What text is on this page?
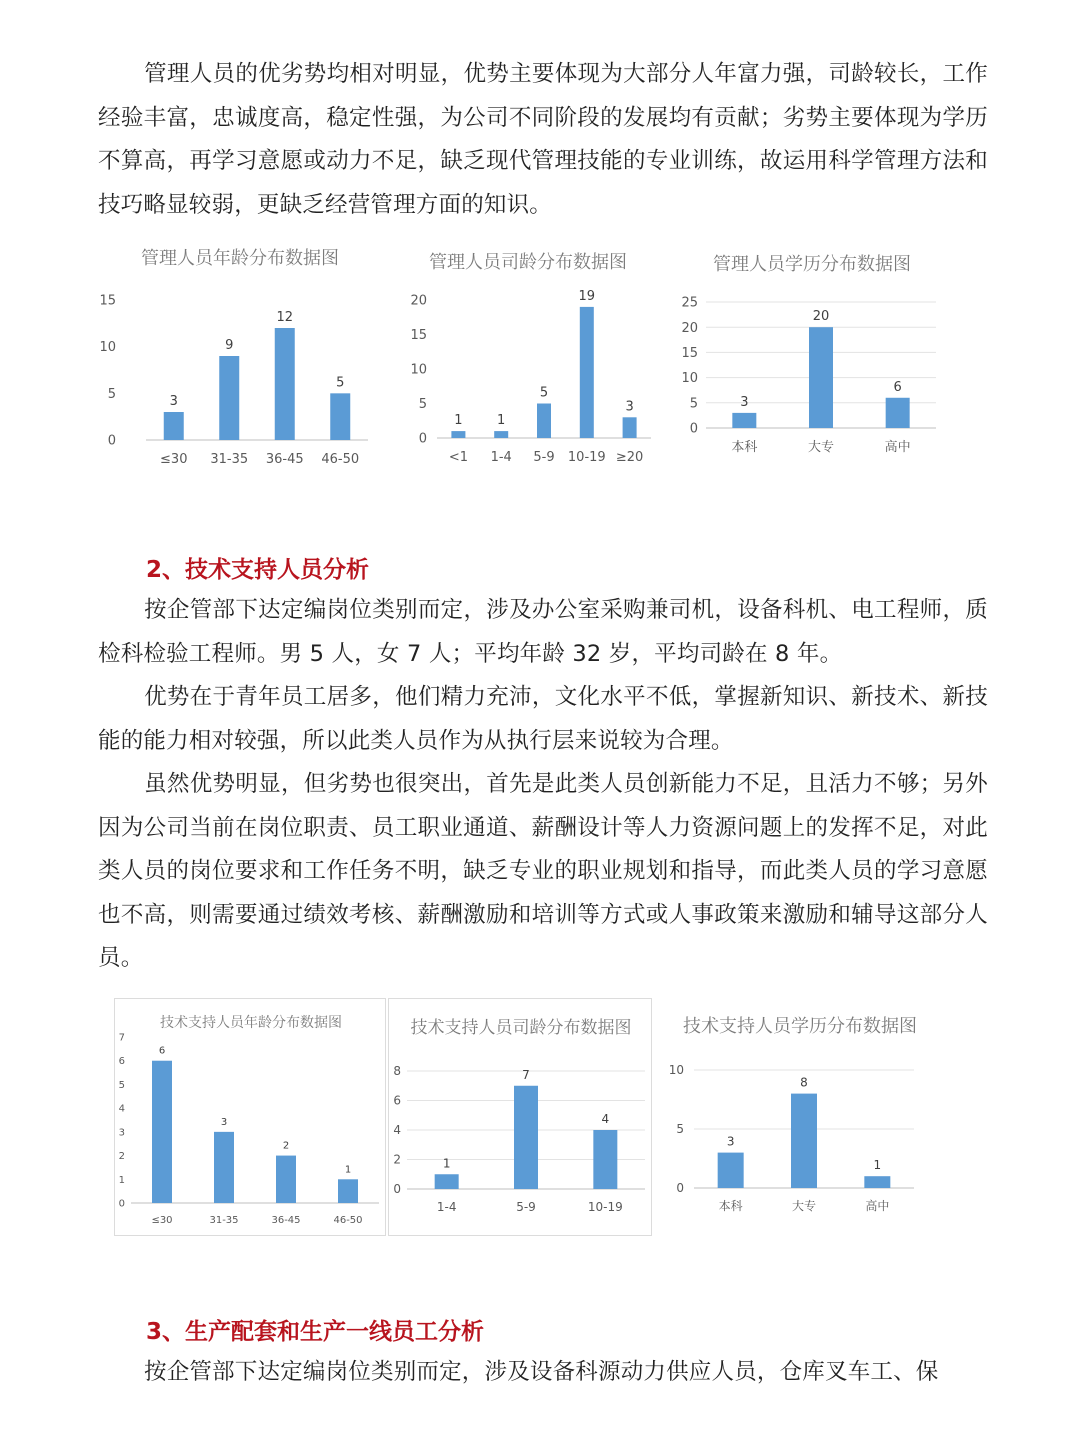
管理人员的优劣势均相对明显，优势主要体现为大部分人年富力强，司龄较长，工作经验丰富，忠诚度高，稳定性强，为公司不同阶段的发展均有贡献；劣势主要体现为学历不算高，再学习意愿或动力不足，缺乏现代管理技能的专业训练，故运用科学管理方法和技巧略显较弱，更缺乏经营管理方面的知识。

管理人员年龄分布数据图
0
5
10
15
3
≤30
9
31-35
12
36-45
5
46-50
管理人员司龄分布数据图
0
5
10
15
20
1
<1
1
1-4
5
5-9
19
10-19
3
≥20
管理人员学历分布数据图
0
5
10
15
20
25
3
本科
20
大专
6
高中
2、技术支持人员分析

按企管部下达定编岗位类别而定，涉及办公室采购兼司机，设备科机、电工程师，质检科检验工程师。男 5 人，女 7 人；平均年龄 32 岁，平均司龄在 8 年。

优势在于青年员工居多，他们精力充沛，文化水平不低，掌握新知识、新技术、新技能的能力相对较强，所以此类人员作为从执行层来说较为合理。

虽然优势明显，但劣势也很突出，首先是此类人员创新能力不足，且活力不够；另外因为公司当前在岗位职责、员工职业通道、薪酬设计等人力资源问题上的发挥不足，对此类人员的岗位要求和工作任务不明，缺乏专业的职业规划和指导，而此类人员的学习意愿也不高，则需要通过绩效考核、薪酬激励和培训等方式或人事政策来激励和辅导这部分人员。

技术支持人员年龄分布数据图
0
1
2
3
4
5
6
7
6
≤30
3
31-35
2
36-45
1
46-50
技术支持人员司龄分布数据图
0
2
4
6
8
1
1-4
7
5-9
4
10-19
技术支持人员学历分布数据图
0
5
10
3
本科
8
大专
1
高中
3、生产配套和生产一线员工分析

按企管部下达定编岗位类别而定，涉及设备科源动力供应人员，仓库叉车工、保
